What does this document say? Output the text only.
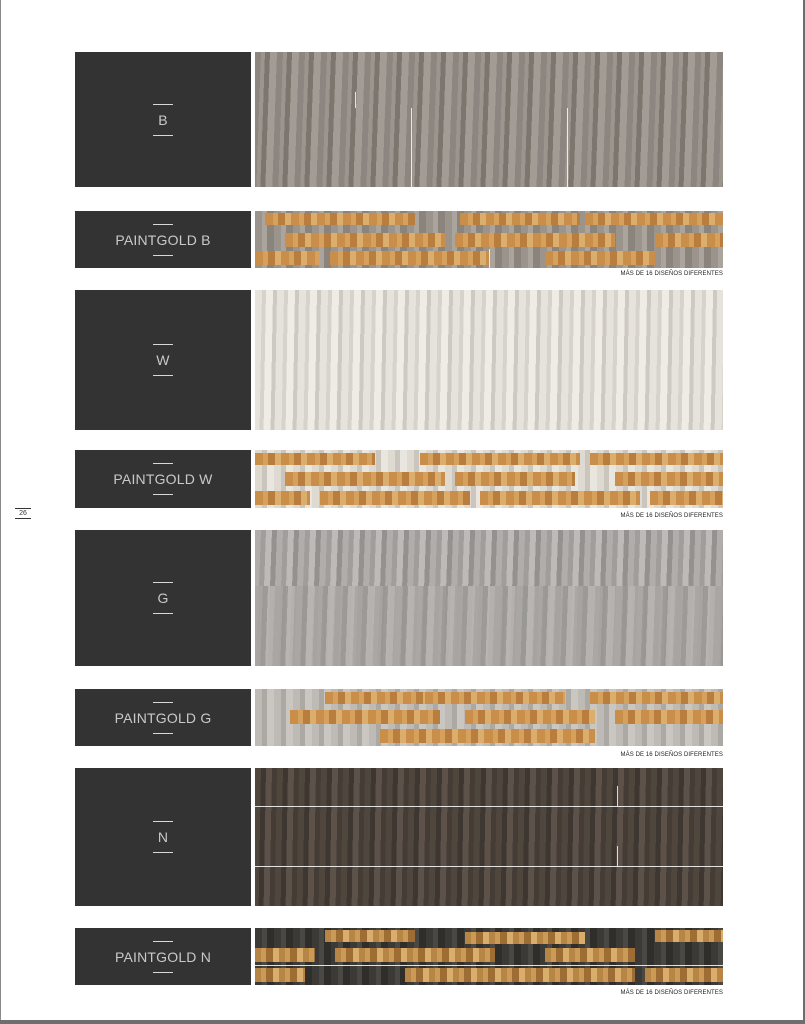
26
B
PAINTGOLD B
MÁS DE 16 DISEÑOS DIFERENTES
W
PAINTGOLD W
MÁS DE 16 DISEÑOS DIFERENTES
G
PAINTGOLD G
MÁS DE 16 DISEÑOS DIFERENTES
N
PAINTGOLD N
MÁS DE 16 DISEÑOS DIFERENTES
